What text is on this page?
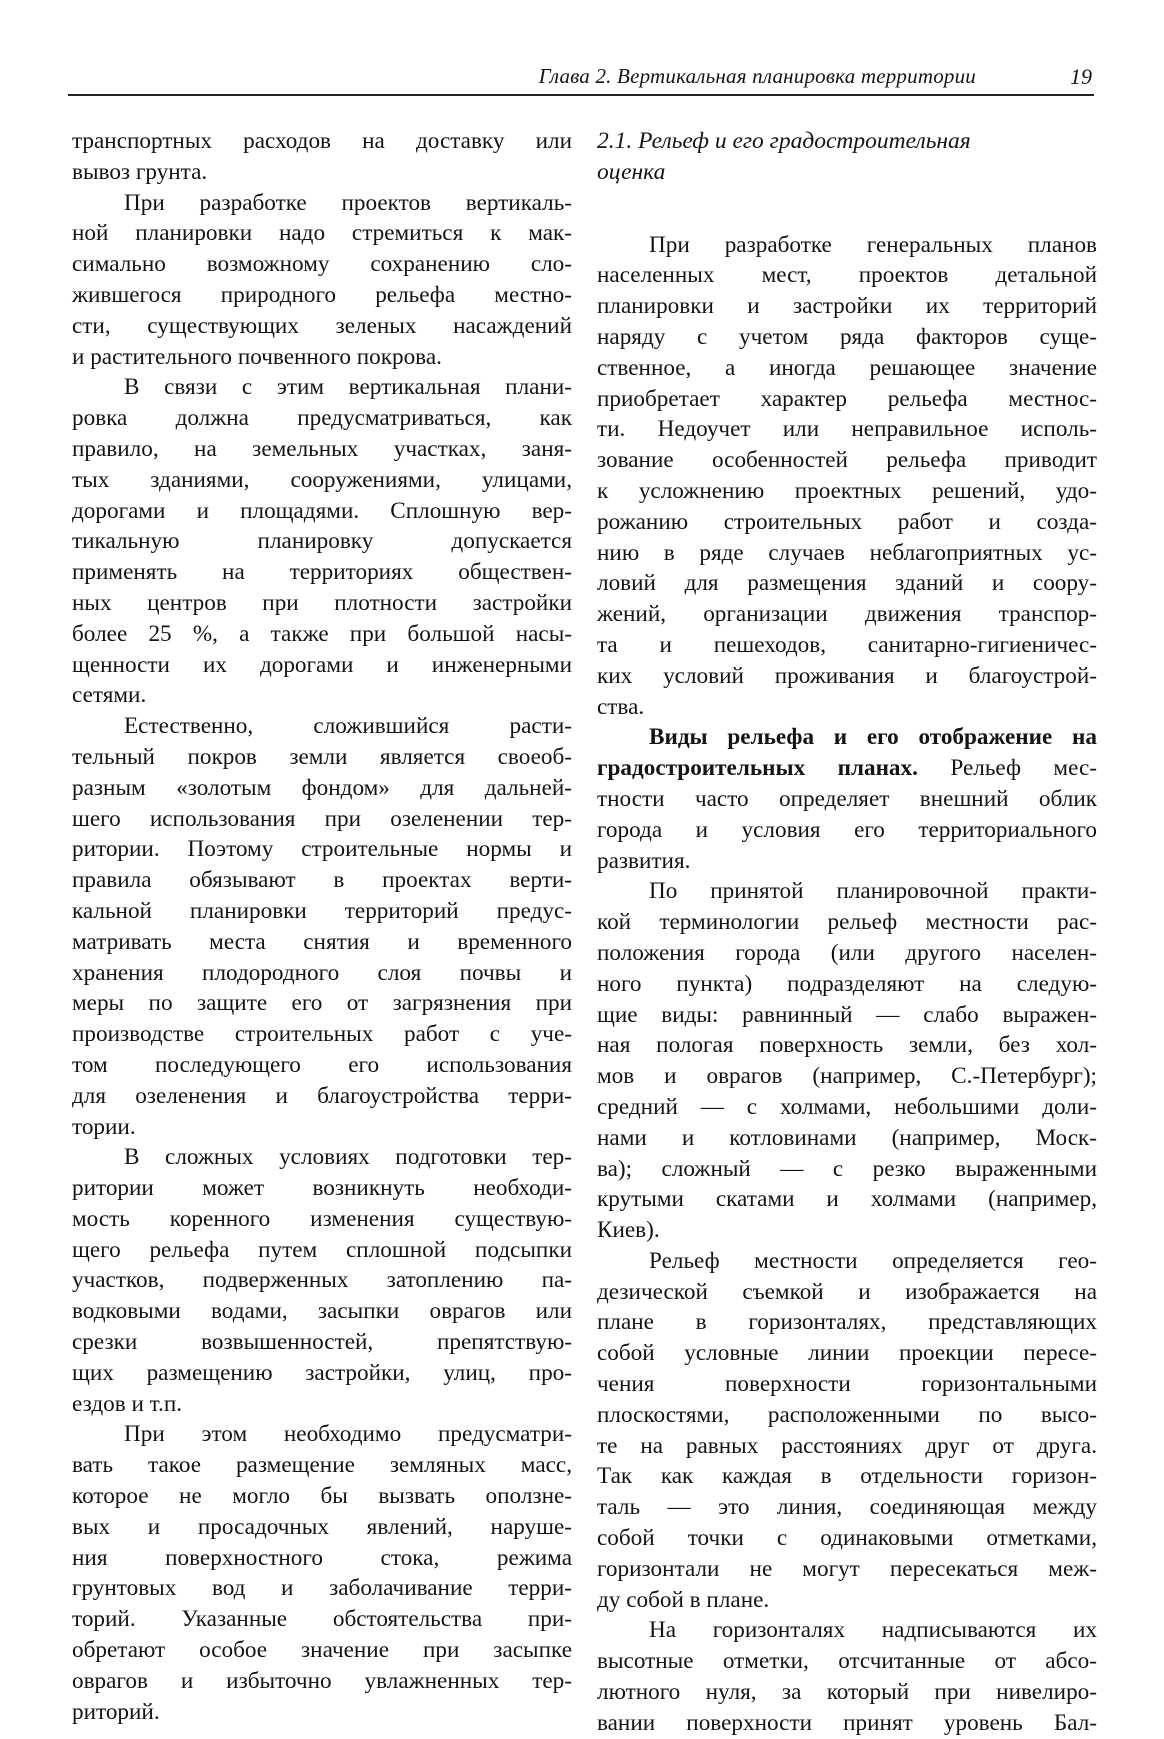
Глава 2. Вертикальная планировка территории	19
транспортных расходов на доставку или
вывоз грунта.
При разработке проектов вертикаль-
ной планировки надо стремиться к мак-
симально возможному сохранению сло-
жившегося природного рельефа местно-
сти, существующих зеленых насаждений
и растительного почвенного покрова.
В связи с этим вертикальная плани-
ровка должна предусматриваться, как
правило, на земельных участках, заня-
тых зданиями, сооружениями, улицами,
дорогами и площадями. Сплошную вер-
тикальную планировку допускается
применять на территориях обществен-
ных центров при плотности застройки
более 25 %, а также при большой насы-
щенности их дорогами и инженерными
сетями.
Естественно, сложившийся расти-
тельный покров земли является своеоб-
разным «золотым фондом» для дальней-
шего использования при озеленении тер-
ритории. Поэтому строительные нормы и
правила обязывают в проектах верти-
кальной планировки территорий предус-
матривать места снятия и временного
хранения плодородного слоя почвы и
меры по защите его от загрязнения при
производстве строительных работ с уче-
том последующего его использования
для озеленения и благоустройства терри-
тории.
В сложных условиях подготовки тер-
ритории может возникнуть необходи-
мость коренного изменения существую-
щего рельефа путем сплошной подсыпки
участков, подверженных затоплению па-
водковыми водами, засыпки оврагов или
срезки возвышенностей, препятствую-
щих размещению застройки, улиц, про-
ездов и т.п.
При этом необходимо предусматри-
вать такое размещение земляных масс,
которое не могло бы вызвать оползне-
вых и просадочных явлений, наруше-
ния поверхностного стока, режима
грунтовых вод и заболачивание терри-
торий. Указанные обстоятельства при-
обретают особое значение при засыпке
оврагов и избыточно увлажненных тер-
риторий.
2.1. Рельеф и его градостроительная
оценка
При разработке генеральных планов
населенных мест, проектов детальной
планировки и застройки их территорий
наряду с учетом ряда факторов суще-
ственное, а иногда решающее значение
приобретает характер рельефа местнос-
ти. Недоучет или неправильное исполь-
зование особенностей рельефа приводит
к усложнению проектных решений, удо-
рожанию строительных работ и созда-
нию в ряде случаев неблагоприятных ус-
ловий для размещения зданий и соору-
жений, организации движения транспор-
та и пешеходов, санитарно-гигиеничес-
ких условий проживания и благоустрой-
ства.
Виды рельефа и его отображение на
градостроительных планах. Рельеф мес-
тности часто определяет внешний облик
города и условия его территориального
развития.
По принятой планировочной практи-
кой терминологии рельеф местности рас-
положения города (или другого населен-
ного пункта) подразделяют на следую-
щие виды: равнинный — слабо выражен-
ная пологая поверхность земли, без хол-
мов и оврагов (например, С.-Петербург);
средний — с холмами, небольшими доли-
нами и котловинами (например, Моск-
ва); сложный — с резко выраженными
крутыми скатами и холмами (например,
Киев).
Рельеф местности определяется гео-
дезической съемкой и изображается на
плане в горизонталях, представляющих
собой условные линии проекции пересе-
чения поверхности горизонтальными
плоскостями, расположенными по высо-
те на равных расстояниях друг от друга.
Так как каждая в отдельности горизон-
таль — это линия, соединяющая между
собой точки с одинаковыми отметками,
горизонтали не могут пересекаться меж-
ду собой в плане.
На горизонталях надписываются их
высотные отметки, отсчитанные от абсо-
лютного нуля, за который при нивелиро-
вании поверхности принят уровень Бал-
